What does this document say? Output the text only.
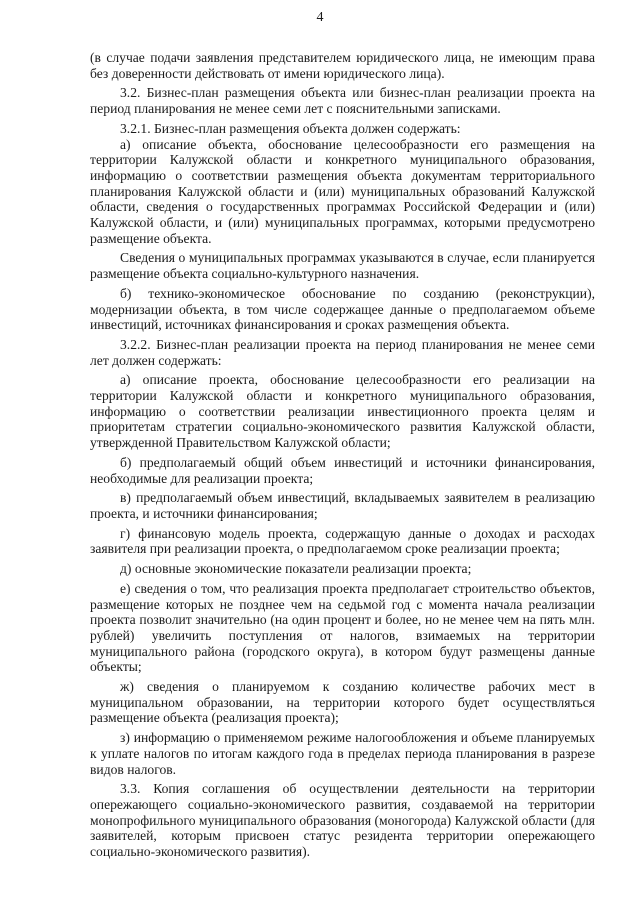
4

(в случае подачи заявления представителем юридического лица, не имеющим права без доверенности действовать от имени юридического лица).

3.2. Бизнес-план размещения объекта или бизнес-план реализации проекта на период планирования не менее семи лет с пояснительными записками.

3.2.1. Бизнес-план размещения объекта должен содержать:

а) описание объекта, обоснование целесообразности его размещения на территории Калужской области и конкретного муниципального образования, информацию о соответствии размещения объекта документам территориального планирования Калужской области и (или) муниципальных образований Калужской области, сведения о государственных программах Российской Федерации и (или) Калужской области, и (или) муниципальных программах, которыми предусмотрено размещение объекта.

Сведения о муниципальных программах указываются в случае, если планируется размещение объекта социально-культурного назначения.

б) технико-экономическое обоснование по созданию (реконструкции), модернизации объекта, в том числе содержащее данные о предполагаемом объеме инвестиций, источниках финансирования и сроках размещения объекта.

3.2.2. Бизнес-план реализации проекта на период планирования не менее семи лет должен содержать:

а) описание проекта, обоснование целесообразности его реализации на территории Калужской области и конкретного муниципального образования, информацию о соответствии реализации инвестиционного проекта целям и приоритетам стратегии социально-экономического развития Калужской области, утвержденной Правительством Калужской области;

б) предполагаемый общий объем инвестиций и источники финансирования, необходимые для реализации проекта;

в) предполагаемый объем инвестиций, вкладываемых заявителем в реализацию проекта, и источники финансирования;

г) финансовую модель проекта, содержащую данные о доходах и расходах заявителя при реализации проекта, о предполагаемом сроке реализации проекта;

д) основные экономические показатели реализации проекта;

е) сведения о том, что реализация проекта предполагает строительство объектов, размещение которых не позднее чем на седьмой год с момента начала реализации проекта позволит значительно (на один процент и более, но не менее чем на пять млн. рублей) увеличить поступления от налогов, взимаемых на территории муниципального района (городского округа), в котором будут размещены данные объекты;

ж) сведения о планируемом к созданию количестве рабочих мест в муниципальном образовании, на территории которого будет осуществляться размещение объекта (реализация проекта);

з) информацию о применяемом режиме налогообложения и объеме планируемых к уплате налогов по итогам каждого года в пределах периода планирования в разрезе видов налогов.

3.3. Копия соглашения об осуществлении деятельности на территории опережающего социально-экономического развития, создаваемой на территории монопрофильного муниципального образования (моногорода) Калужской области (для заявителей, которым присвоен статус резидента территории опережающего социально-экономического развития).
